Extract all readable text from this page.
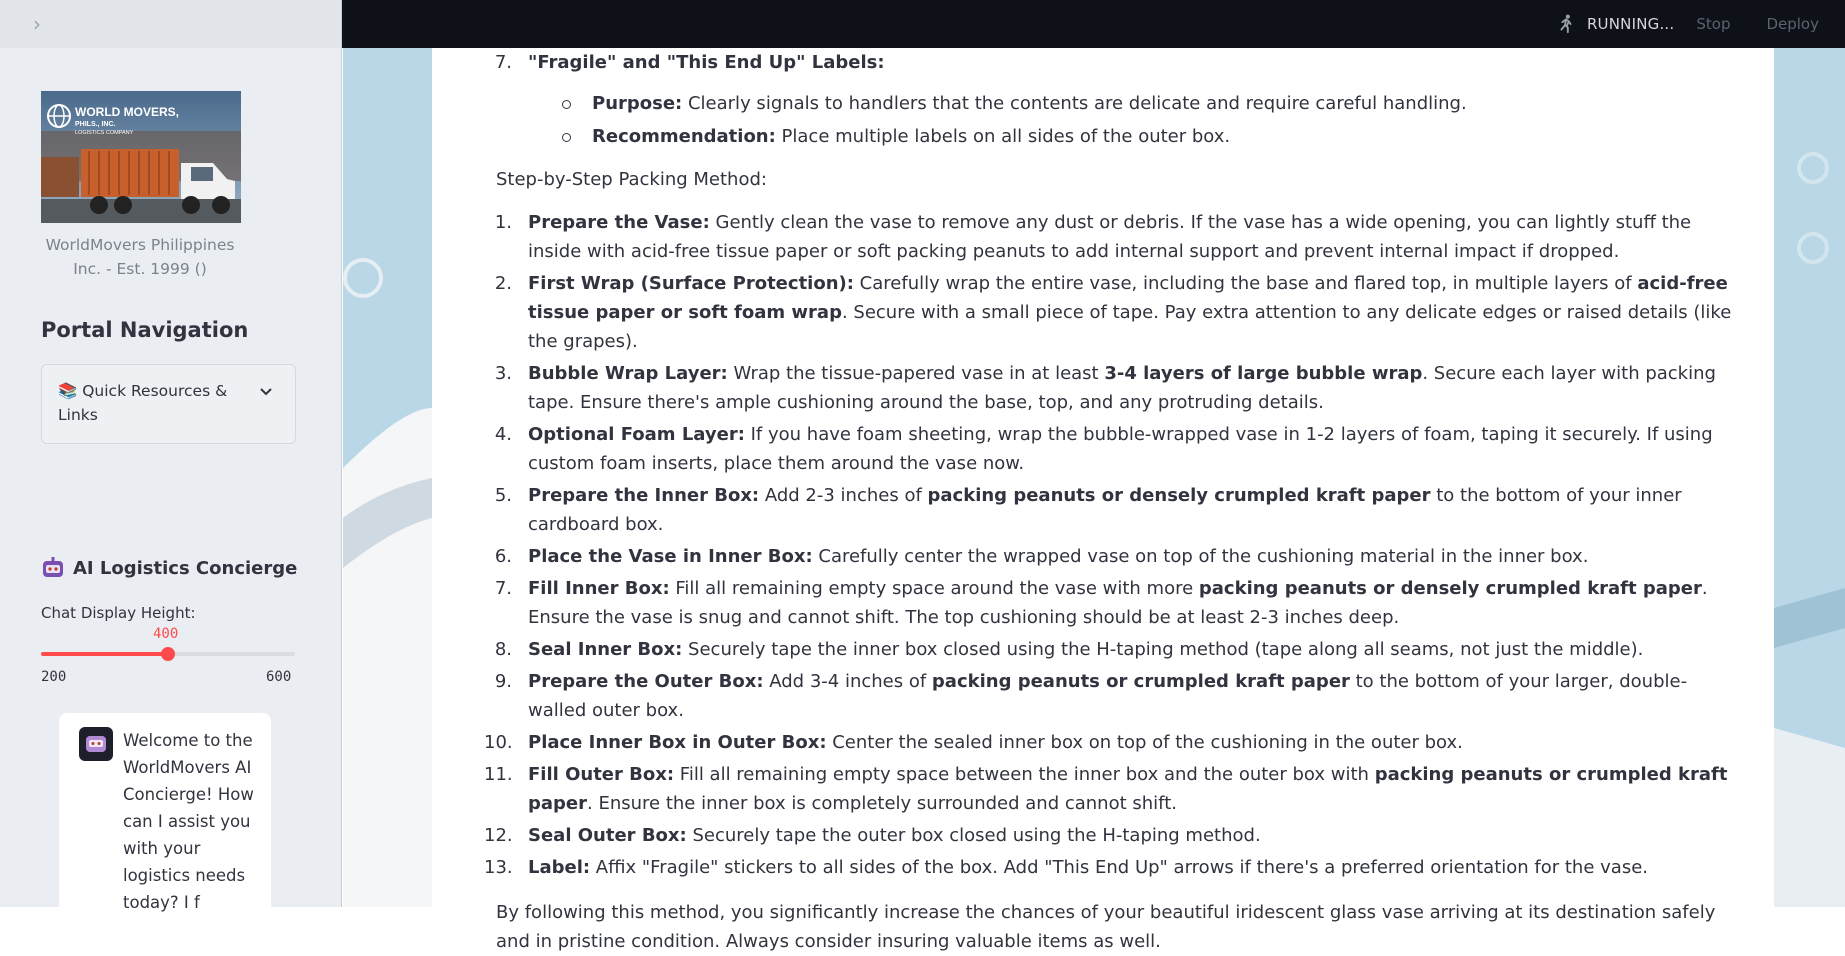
RUNNING... Stop Deploy
›
WORLD MOVERS,
PHILS., INC.
LOGISTICS COMPANY
WorldMovers Philippines Inc. - Est. 1999 ()
Portal Navigation
📚 Quick Resources & Links
AI Logistics Concierge
Chat Display Height:
400
200	600
Welcome to the WorldMovers AI Concierge! How can I assist you with your logistics needs today? I f
7. "Fragile" and "This End Up" Labels:
Purpose: Clearly signals to handlers that the contents are delicate and require careful handling.
Recommendation: Place multiple labels on all sides of the outer box.
Step-by-Step Packing Method:
1. Prepare the Vase: Gently clean the vase to remove any dust or debris. If the vase has a wide opening, you can lightly stuff the inside with acid-free tissue paper or soft packing peanuts to add internal support and prevent internal impact if dropped.
2. First Wrap (Surface Protection): Carefully wrap the entire vase, including the base and flared top, in multiple layers of acid-free tissue paper or soft foam wrap. Secure with a small piece of tape. Pay extra attention to any delicate edges or raised details (like the grapes).
3. Bubble Wrap Layer: Wrap the tissue-papered vase in at least 3-4 layers of large bubble wrap. Secure each layer with packing tape. Ensure there's ample cushioning around the base, top, and any protruding details.
4. Optional Foam Layer: If you have foam sheeting, wrap the bubble-wrapped vase in 1-2 layers of foam, taping it securely. If using custom foam inserts, place them around the vase now.
5. Prepare the Inner Box: Add 2-3 inches of packing peanuts or densely crumpled kraft paper to the bottom of your inner cardboard box.
6. Place the Vase in Inner Box: Carefully center the wrapped vase on top of the cushioning material in the inner box.
7. Fill Inner Box: Fill all remaining empty space around the vase with more packing peanuts or densely crumpled kraft paper. Ensure the vase is snug and cannot shift. The top cushioning should be at least 2-3 inches deep.
8. Seal Inner Box: Securely tape the inner box closed using the H-taping method (tape along all seams, not just the middle).
9. Prepare the Outer Box: Add 3-4 inches of packing peanuts or crumpled kraft paper to the bottom of your larger, double-walled outer box.
10. Place Inner Box in Outer Box: Center the sealed inner box on top of the cushioning in the outer box.
11. Fill Outer Box: Fill all remaining empty space between the inner box and the outer box with packing peanuts or crumpled kraft paper. Ensure the inner box is completely surrounded and cannot shift.
12. Seal Outer Box: Securely tape the outer box closed using the H-taping method.
13. Label: Affix "Fragile" stickers to all sides of the box. Add "This End Up" arrows if there's a preferred orientation for the vase.
By following this method, you significantly increase the chances of your beautiful iridescent glass vase arriving at its destination safely and in pristine condition. Always consider insuring valuable items as well.
